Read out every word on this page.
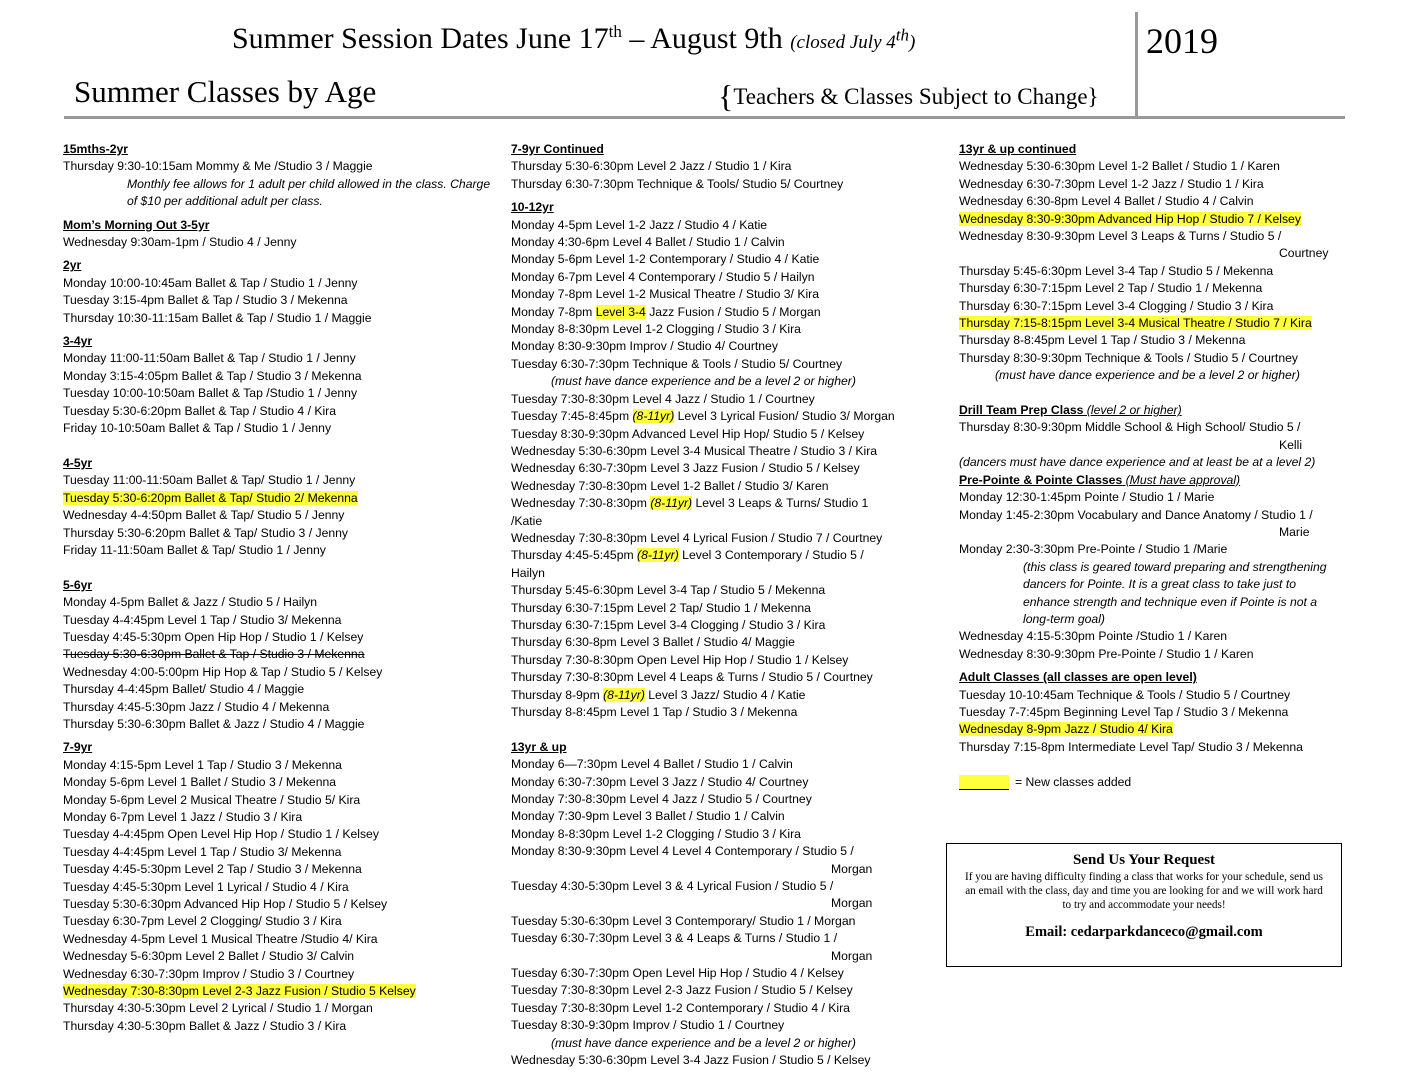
Summer Session Dates June 17th – August 9th (closed July 4th)	2019
Summer Classes by Age	{Teachers & Classes Subject to Change}
15mths-2yr
Thursday 9:30-10:15am Mommy & Me /Studio 3 / Maggie
Monthly fee allows for 1 adult per child allowed in the class. Charge of $10 per additional adult per class.
Mom’s Morning Out 3-5yr
Wednesday 9:30am-1pm / Studio 4 / Jenny
2yr
Monday 10:00-10:45am Ballet & Tap / Studio 1 / Jenny
Tuesday 3:15-4pm Ballet & Tap / Studio 3 / Mekenna
Thursday 10:30-11:15am Ballet & Tap / Studio 1 / Maggie
3-4yr
Monday 11:00-11:50am Ballet & Tap / Studio 1 / Jenny
Monday 3:15-4:05pm Ballet & Tap / Studio 3 / Mekenna
Tuesday 10:00-10:50am Ballet & Tap /Studio 1 / Jenny
Tuesday 5:30-6:20pm Ballet & Tap / Studio 4 / Kira
Friday 10-10:50am Ballet & Tap / Studio 1 / Jenny
4-5yr
Tuesday 11:00-11:50am Ballet & Tap/ Studio 1 / Jenny
Tuesday 5:30-6:20pm Ballet & Tap/ Studio 2/ Mekenna
Wednesday 4-4:50pm Ballet & Tap/ Studio 5 / Jenny
Thursday 5:30-6:20pm Ballet & Tap/ Studio 3 / Jenny
Friday 11-11:50am Ballet & Tap/ Studio 1 / Jenny
5-6yr
Monday 4-5pm Ballet & Jazz / Studio 5 / Hailyn
Tuesday 4-4:45pm Level 1 Tap / Studio 3/ Mekenna
Tuesday 4:45-5:30pm Open Hip Hop / Studio 1 / Kelsey
Tuesday 5:30-6:30pm Ballet & Tap / Studio 3 / Mekenna
Wednesday 4:00-5:00pm Hip Hop & Tap / Studio 5 / Kelsey
Thursday 4-4:45pm Ballet/ Studio 4 / Maggie
Thursday 4:45-5:30pm Jazz / Studio 4 / Mekenna
Thursday 5:30-6:30pm Ballet & Jazz / Studio 4 / Maggie
7-9yr
Monday 4:15-5pm Level 1 Tap / Studio 3 / Mekenna
Monday 5-6pm Level 1 Ballet / Studio 3 / Mekenna
Monday 5-6pm Level 2 Musical Theatre / Studio 5/ Kira
Monday 6-7pm Level 1 Jazz / Studio 3 / Kira
Tuesday 4-4:45pm Open Level Hip Hop / Studio 1 / Kelsey
Tuesday 4-4:45pm Level 1 Tap / Studio 3/ Mekenna
Tuesday 4:45-5:30pm Level 2 Tap / Studio 3 / Mekenna
Tuesday 4:45-5:30pm Level 1 Lyrical / Studio 4 / Kira
Tuesday 5:30-6:30pm Advanced Hip Hop / Studio 5 / Kelsey
Tuesday 6:30-7pm Level 2 Clogging/ Studio 3 / Kira
Wednesday 4-5pm Level 1 Musical Theatre /Studio 4/ Kira
Wednesday 5-6:30pm Level 2 Ballet / Studio 3/ Calvin
Wednesday 6:30-7:30pm Improv / Studio 3 / Courtney
Wednesday 7:30-8:30pm Level 2-3 Jazz Fusion / Studio 5 Kelsey
Thursday 4:30-5:30pm Level 2 Lyrical / Studio 1 / Morgan
Thursday 4:30-5:30pm Ballet & Jazz / Studio 3 / Kira
7-9yr Continued
Thursday 5:30-6:30pm Level 2 Jazz / Studio 1 / Kira
Thursday 6:30-7:30pm Technique & Tools/ Studio 5/ Courtney
10-12yr
Monday 4-5pm Level 1-2 Jazz / Studio 4 / Katie
Monday 4:30-6pm Level 4 Ballet / Studio 1 / Calvin
Monday 5-6pm Level 1-2 Contemporary / Studio 4 / Katie
Monday 6-7pm Level 4 Contemporary / Studio 5 / Hailyn
Monday 7-8pm Level 1-2 Musical Theatre / Studio 3/ Kira
Monday 7-8pm Level 3-4 Jazz Fusion / Studio 5 / Morgan
Monday 8-8:30pm Level 1-2 Clogging / Studio 3 / Kira
Monday 8:30-9:30pm Improv / Studio 4/ Courtney
Tuesday 6:30-7:30pm Technique & Tools / Studio 5/ Courtney
(must have dance experience and be a level 2 or higher)
Tuesday 7:30-8:30pm Level 4 Jazz / Studio 1 / Courtney
Tuesday 7:45-8:45pm (8-11yr) Level 3 Lyrical Fusion/ Studio 3/ Morgan
Tuesday 8:30-9:30pm Advanced Level Hip Hop/ Studio 5 / Kelsey
Wednesday 5:30-6:30pm Level 3-4 Musical Theatre / Studio 3 / Kira
Wednesday 6:30-7:30pm Level 3 Jazz Fusion / Studio 5 / Kelsey
Wednesday 7:30-8:30pm Level 1-2 Ballet / Studio 3/ Karen
Wednesday 7:30-8:30pm (8-11yr) Level 3 Leaps & Turns/ Studio 1 /Katie
Wednesday 7:30-8:30pm Level 4 Lyrical Fusion / Studio 7 / Courtney
Thursday 4:45-5:45pm (8-11yr) Level 3 Contemporary / Studio 5 / Hailyn
Thursday 5:45-6:30pm Level 3-4 Tap / Studio 5 / Mekenna
Thursday 6:30-7:15pm Level 2 Tap/ Studio 1 / Mekenna
Thursday 6:30-7:15pm Level 3-4 Clogging / Studio 3 / Kira
Thursday 6:30-8pm Level 3 Ballet / Studio 4/ Maggie
Thursday 7:30-8:30pm Open Level Hip Hop / Studio 1 / Kelsey
Thursday 7:30-8:30pm Level 4 Leaps & Turns / Studio 5 / Courtney
Thursday 8-9pm (8-11yr) Level 3 Jazz/ Studio 4 / Katie
Thursday 8-8:45pm Level 1 Tap / Studio 3 / Mekenna
13yr & up
Monday 6—7:30pm Level 4 Ballet / Studio 1 / Calvin
Monday 6:30-7:30pm Level 3 Jazz / Studio 4/ Courtney
Monday 7:30-8:30pm Level 4 Jazz / Studio 5 / Courtney
Monday 7:30-9pm Level 3 Ballet / Studio 1 / Calvin
Monday 8-8:30pm Level 1-2 Clogging / Studio 3 / Kira
Monday 8:30-9:30pm Level 4 Level 4 Contemporary / Studio 5 /
Morgan
Tuesday 4:30-5:30pm Level 3 & 4 Lyrical Fusion / Studio 5 /
Morgan
Tuesday 5:30-6:30pm Level 3 Contemporary/ Studio 1 / Morgan
Tuesday 6:30-7:30pm Level 3 & 4 Leaps & Turns / Studio 1 /
Morgan
Tuesday 6:30-7:30pm Open Level Hip Hop / Studio 4 / Kelsey
Tuesday 7:30-8:30pm Level 2-3 Jazz Fusion / Studio 5 / Kelsey
Tuesday 7:30-8:30pm Level 1-2 Contemporary / Studio 4 / Kira
Tuesday 8:30-9:30pm Improv / Studio 1 / Courtney
(must have dance experience and be a level 2 or higher)
Wednesday 5:30-6:30pm Level 3-4 Jazz Fusion / Studio 5 / Kelsey
13yr & up continued
Wednesday 5:30-6:30pm Level 1-2 Ballet / Studio 1 / Karen
Wednesday 6:30-7:30pm Level 1-2 Jazz / Studio 1 / Kira
Wednesday 6:30-8pm Level 4 Ballet / Studio 4 / Calvin
Wednesday 8:30-9:30pm Advanced Hip Hop / Studio 7 / Kelsey
Wednesday 8:30-9:30pm Level 3 Leaps & Turns / Studio 5 /
Courtney
Thursday 5:45-6:30pm Level 3-4 Tap / Studio 5 / Mekenna
Thursday 6:30-7:15pm Level 2 Tap / Studio 1 / Mekenna
Thursday 6:30-7:15pm Level 3-4 Clogging / Studio 3 / Kira
Thursday 7:15-8:15pm Level 3-4 Musical Theatre / Studio 7 / Kira
Thursday 8-8:45pm Level 1 Tap / Studio 3 / Mekenna
Thursday 8:30-9:30pm Technique & Tools / Studio 5 / Courtney
(must have dance experience and be a level 2 or higher)
Drill Team Prep Class (level 2 or higher)
Thursday 8:30-9:30pm Middle School & High School/ Studio 5 /
Kelli
(dancers must have dance experience and at least be at a level 2)
Pre-Pointe & Pointe Classes (Must have approval)
Monday 12:30-1:45pm Pointe / Studio 1 / Marie
Monday 1:45-2:30pm Vocabulary and Dance Anatomy / Studio 1 /
Marie
Monday 2:30-3:30pm Pre-Pointe / Studio 1 /Marie
(this class is geared toward preparing and strengthening dancers for Pointe. It is a great class to take just to enhance strength and technique even if Pointe is not a long-term goal)
Wednesday 4:15-5:30pm Pointe /Studio 1 / Karen
Wednesday 8:30-9:30pm Pre-Pointe / Studio 1 / Karen
Adult Classes (all classes are open level)
Tuesday 10-10:45am Technique & Tools / Studio 5 / Courtney
Tuesday 7-7:45pm Beginning Level Tap / Studio 3 / Mekenna
Wednesday 8-9pm Jazz / Studio 4/ Kira
Thursday 7:15-8pm Intermediate Level Tap/ Studio 3 / Mekenna
= New classes added
Send Us Your Request
If you are having difficulty finding a class that works for your schedule, send us an email with the class, day and time you are looking for and we will work hard to try and accommodate your needs!
Email: cedarparkdanceco@gmail.com
